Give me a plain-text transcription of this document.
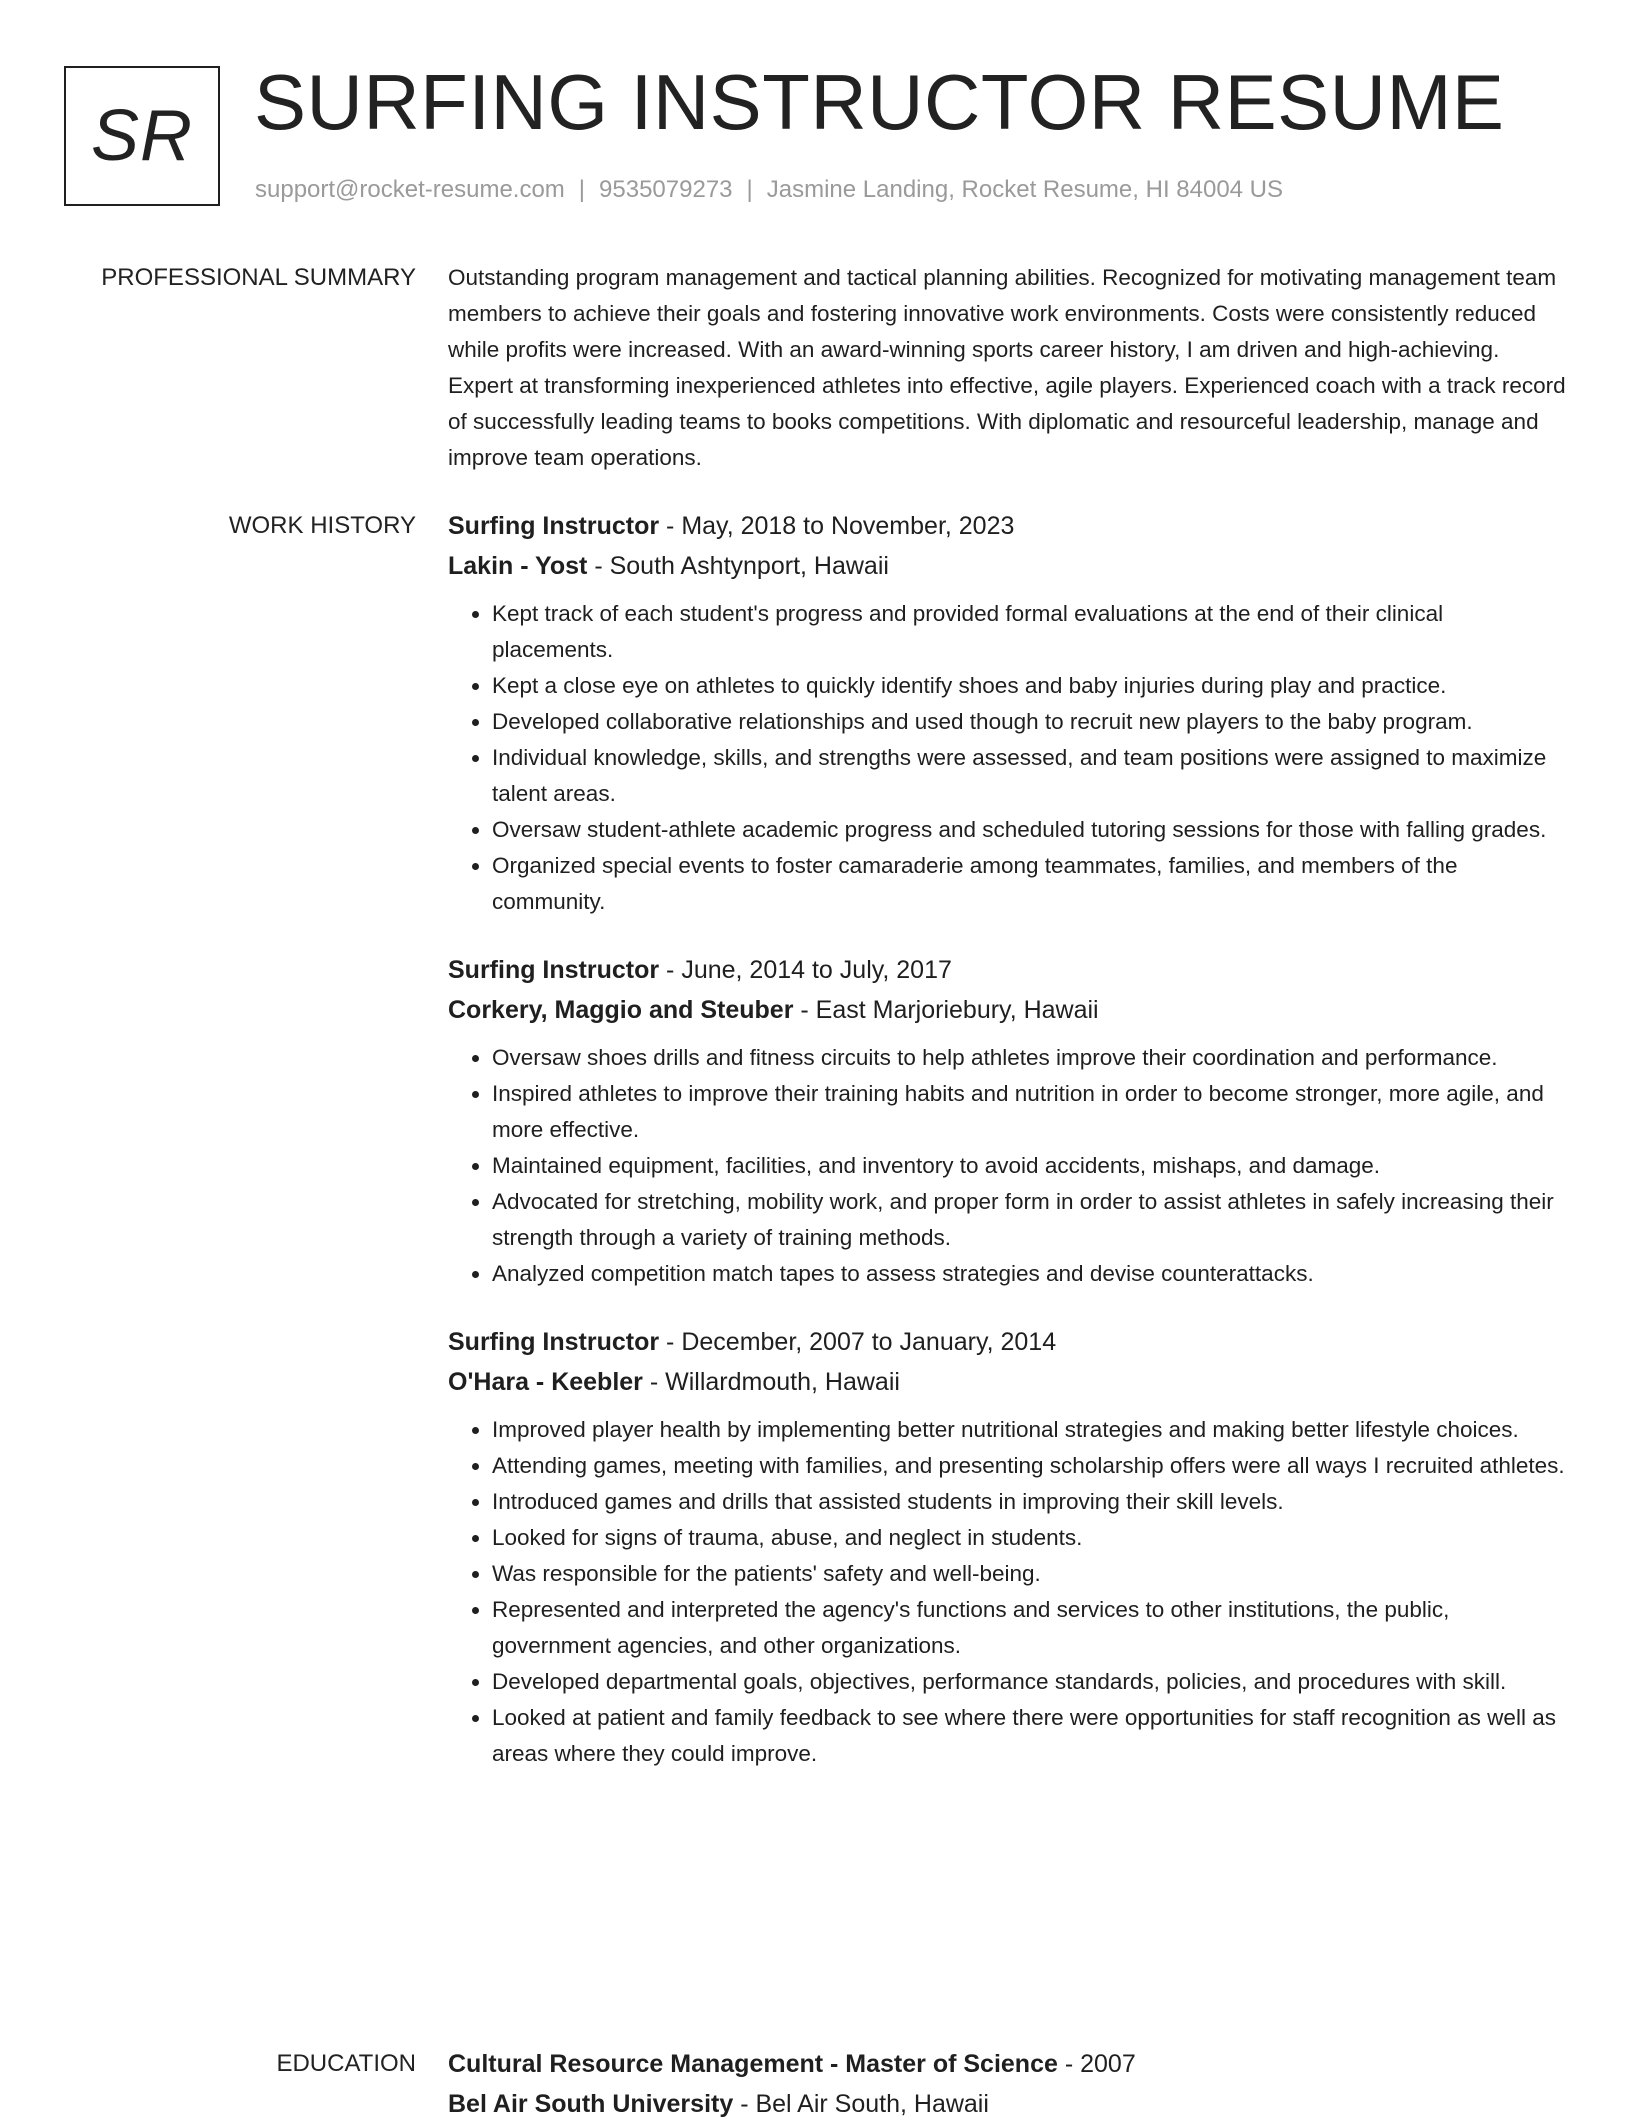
SR SURFING INSTRUCTOR RESUME
support@rocket-resume.com | 9535079273 | Jasmine Landing, Rocket Resume, HI 84004 US
PROFESSIONAL SUMMARY Outstanding program management and tactical planning abilities. Recognized for motivating management team members to achieve their goals and fostering innovative work environments. Costs were consistently reduced while profits were increased. With an award-winning sports career history, I am driven and high-achieving. Expert at transforming inexperienced athletes into effective, agile players. Experienced coach with a track record of successfully leading teams to books competitions. With diplomatic and resourceful leadership, manage and improve team operations.

WORK HISTORY Surfing Instructor - May, 2018 to November, 2023
Lakin - Yost - South Ashtynport, Hawaii
• Kept track of each student's progress and provided formal evaluations at the end of their clinical placements.
• Kept a close eye on athletes to quickly identify shoes and baby injuries during play and practice.
• Developed collaborative relationships and used though to recruit new players to the baby program.
• Individual knowledge, skills, and strengths were assessed, and team positions were assigned to maximize talent areas.
• Oversaw student-athlete academic progress and scheduled tutoring sessions for those with falling grades.
• Organized special events to foster camaraderie among teammates, families, and members of the community.
Surfing Instructor - June, 2014 to July, 2017
Corkery, Maggio and Steuber - East Marjoriebury, Hawaii
• Oversaw shoes drills and fitness circuits to help athletes improve their coordination and performance.
• Inspired athletes to improve their training habits and nutrition in order to become stronger, more agile, and more effective.
• Maintained equipment, facilities, and inventory to avoid accidents, mishaps, and damage.
• Advocated for stretching, mobility work, and proper form in order to assist athletes in safely increasing their strength through a variety of training methods.
• Analyzed competition match tapes to assess strategies and devise counterattacks.
Surfing Instructor - December, 2007 to January, 2014
O'Hara - Keebler - Willardmouth, Hawaii
• Improved player health by implementing better nutritional strategies and making better lifestyle choices.
• Attending games, meeting with families, and presenting scholarship offers were all ways I recruited athletes.
• Introduced games and drills that assisted students in improving their skill levels.
• Looked for signs of trauma, abuse, and neglect in students.
• Was responsible for the patients' safety and well-being.
• Represented and interpreted the agency's functions and services to other institutions, the public, government agencies, and other organizations.
• Developed departmental goals, objectives, performance standards, policies, and procedures with skill.
• Looked at patient and family feedback to see where there were opportunities for staff recognition as well as areas where they could improve.
EDUCATION Cultural Resource Management - Master of Science - 2007
Bel Air South University - Bel Air South, Hawaii
